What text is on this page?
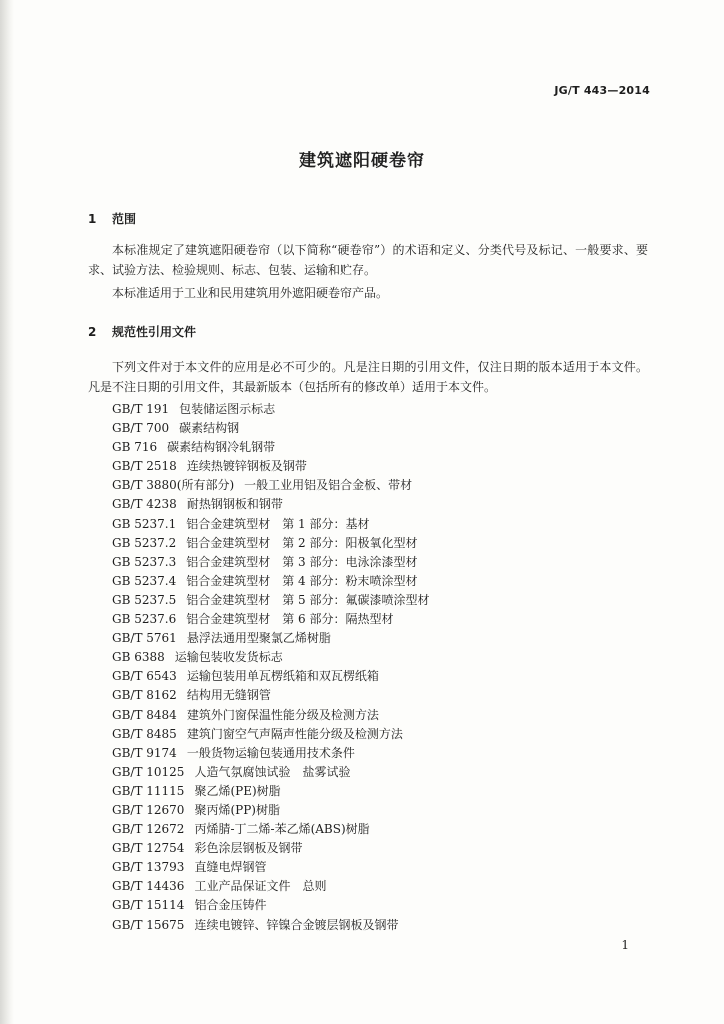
JG/T 443—2014
建筑遮阳硬卷帘
1 范围
本标准规定了建筑遮阳硬卷帘（以下简称“硬卷帘”）的术语和定义、分类代号及标记、一般要求、要求、试验方法、检验规则、标志、包装、运输和贮存。
本标准适用于工业和民用建筑用外遮阳硬卷帘产品。
2 规范性引用文件
下列文件对于本文件的应用是必不可少的。凡是注日期的引用文件，仅注日期的版本适用于本文件。凡是不注日期的引用文件，其最新版本（包括所有的修改单）适用于本文件。
GB/T 191 包装储运图示标志
GB/T 700 碳素结构钢
GB 716 碳素结构钢冷轧钢带
GB/T 2518 连续热镀锌钢板及钢带
GB/T 3880(所有部分) 一般工业用铝及铝合金板、带材
GB/T 4238 耐热钢钢板和钢带
GB 5237.1 铝合金建筑型材　第 1 部分：基材
GB 5237.2 铝合金建筑型材　第 2 部分：阳极氧化型材
GB 5237.3 铝合金建筑型材　第 3 部分：电泳涂漆型材
GB 5237.4 铝合金建筑型材　第 4 部分：粉末喷涂型材
GB 5237.5 铝合金建筑型材　第 5 部分：氟碳漆喷涂型材
GB 5237.6 铝合金建筑型材　第 6 部分：隔热型材
GB/T 5761 悬浮法通用型聚氯乙烯树脂
GB 6388 运输包装收发货标志
GB/T 6543 运输包装用单瓦楞纸箱和双瓦楞纸箱
GB/T 8162 结构用无缝钢管
GB/T 8484 建筑外门窗保温性能分级及检测方法
GB/T 8485 建筑门窗空气声隔声性能分级及检测方法
GB/T 9174 一般货物运输包装通用技术条件
GB/T 10125 人造气氛腐蚀试验　盐雾试验
GB/T 11115 聚乙烯(PE)树脂
GB/T 12670 聚丙烯(PP)树脂
GB/T 12672 丙烯腈-丁二烯-苯乙烯(ABS)树脂
GB/T 12754 彩色涂层钢板及钢带
GB/T 13793 直缝电焊钢管
GB/T 14436 工业产品保证文件　总则
GB/T 15114 铝合金压铸件
GB/T 15675 连续电镀锌、锌镍合金镀层钢板及钢带
1
